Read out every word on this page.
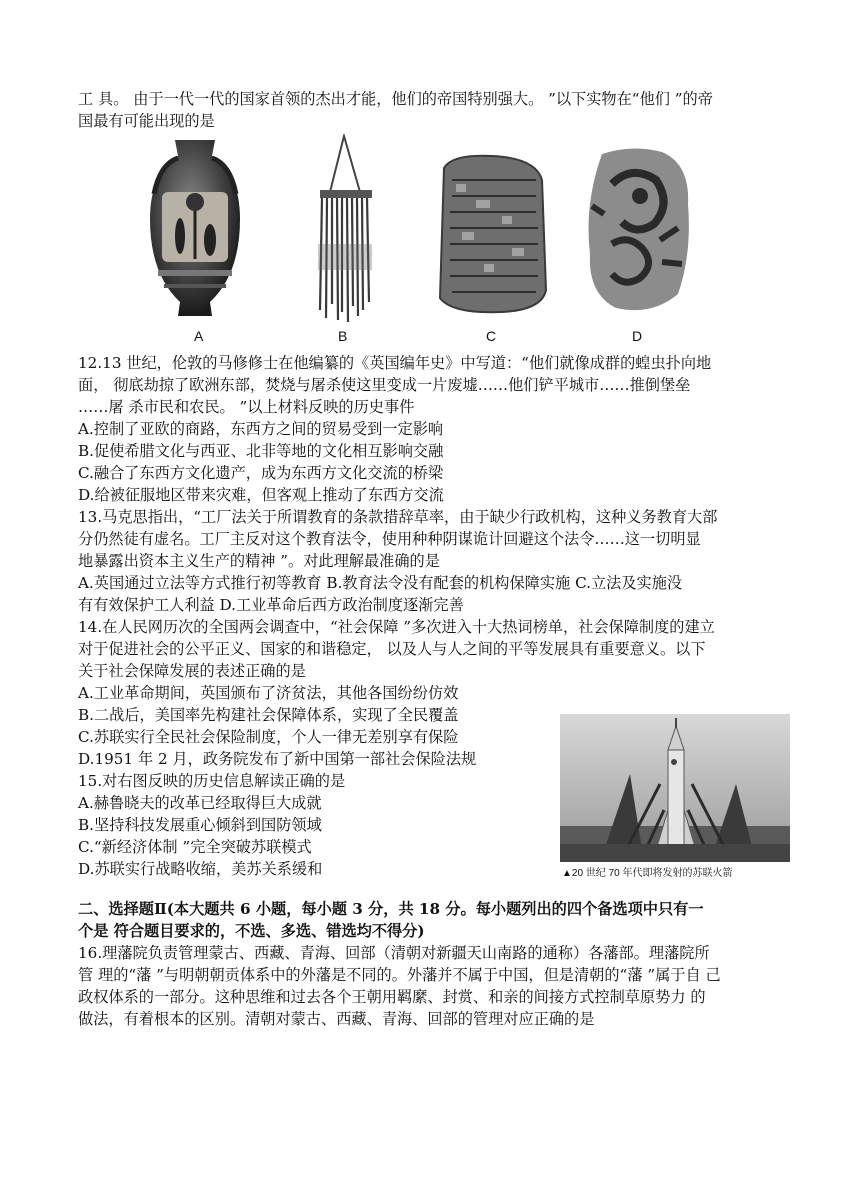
工 具。 由于一代一代的国家首领的杰出才能，他们的帝国特别强大。 ”以下实物在“他们 ”的帝
国最有可能出现的是
A	B	C	D
12.13 世纪，伦敦的马修修士在他编纂的《英国编年史》中写道：“他们就像成群的蝗虫扑向地
面， 彻底劫掠了欧洲东部，焚烧与屠杀使这里变成一片废墟……他们铲平城市……推倒堡垒
……屠 杀市民和农民。 ”以上材料反映的历史事件
A.控制了亚欧的商路，东西方之间的贸易受到一定影响
B.促使希腊文化与西亚、北非等地的文化相互影响交融
C.融合了东西方文化遗产，成为东西方文化交流的桥梁
D.给被征服地区带来灾难，但客观上推动了东西方交流
13.马克思指出，“工厂法关于所谓教育的条款措辞草率，由于缺少行政机构，这种义务教育大部
分仍然徒有虚名。工厂主反对这个教育法令，使用种种阴谋诡计回避这个法令……这一切明显
地暴露出资本主义生产的精神 ”。对此理解最准确的是
A.英国通过立法等方式推行初等教育 B.教育法令没有配套的机构保障实施 C.立法及实施没
有有效保护工人利益 D.工业革命后西方政治制度逐渐完善
14.在人民网历次的全国两会调查中，“社会保障 ”多次进入十大热词榜单，社会保障制度的建立
对于促进社会的公平正义、国家的和谐稳定， 以及人与人之间的平等发展具有重要意义。以下
关于社会保障发展的表述正确的是
A.工业革命期间，英国颁布了济贫法，其他各国纷纷仿效
B.二战后，美国率先构建社会保障体系，实现了全民覆盖
C.苏联实行全民社会保险制度，个人一律无差别享有保险
D.1951 年 2 月，政务院发布了新中国第一部社会保险法规
15.对右图反映的历史信息解读正确的是
A.赫鲁晓夫的改革已经取得巨大成就
B.坚持科技发展重心倾斜到国防领域
C.“新经济体制 ”完全突破苏联模式
D.苏联实行战略收缩，美苏关系缓和	▲20 世纪 70 年代即将发射的苏联火箭
二、选择题Ⅱ(本大题共 6 小题，每小题 3 分，共 18 分。每小题列出的四个备选项中只有一
个是 符合题目要求的，不选、多选、错选均不得分)
16.理藩院负责管理蒙古、西藏、青海、回部（清朝对新疆天山南路的通称）各藩部。理藩院所
管 理的“藩 ”与明朝朝贡体系中的外藩是不同的。外藩并不属于中国，但是清朝的“藩 ”属于自 己
政权体系的一部分。这种思维和过去各个王朝用羁縻、封赏、和亲的间接方式控制草原势力 的
做法，有着根本的区别。清朝对蒙古、西藏、青海、回部的管理对应正确的是
